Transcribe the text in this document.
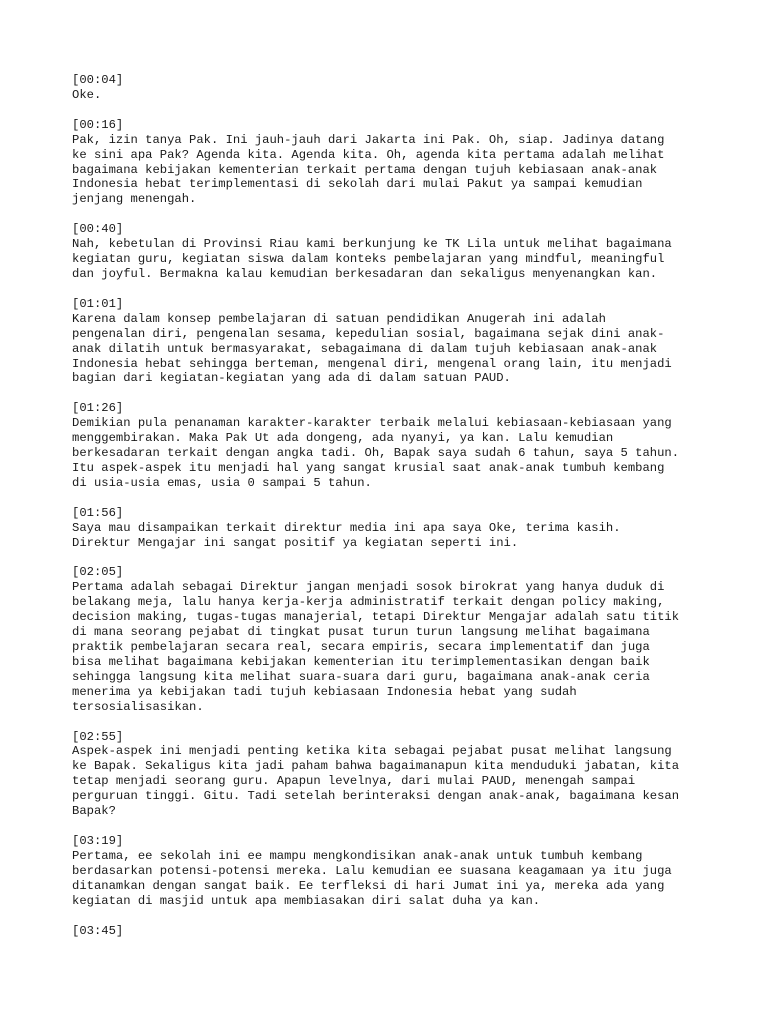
[00:04]
Oke.
[00:16]
Pak, izin tanya Pak. Ini jauh-jauh dari Jakarta ini Pak. Oh, siap. Jadinya datang
ke sini apa Pak? Agenda kita. Agenda kita. Oh, agenda kita pertama adalah melihat
bagaimana kebijakan kementerian terkait pertama dengan tujuh kebiasaan anak-anak
Indonesia hebat terimplementasi di sekolah dari mulai Pakut ya sampai kemudian
jenjang menengah.
[00:40]
Nah, kebetulan di Provinsi Riau kami berkunjung ke TK Lila untuk melihat bagaimana
kegiatan guru, kegiatan siswa dalam konteks pembelajaran yang mindful, meaningful
dan joyful. Bermakna kalau kemudian berkesadaran dan sekaligus menyenangkan kan.
[01:01]
Karena dalam konsep pembelajaran di satuan pendidikan Anugerah ini adalah
pengenalan diri, pengenalan sesama, kepedulian sosial, bagaimana sejak dini anak-
anak dilatih untuk bermasyarakat, sebagaimana di dalam tujuh kebiasaan anak-anak
Indonesia hebat sehingga berteman, mengenal diri, mengenal orang lain, itu menjadi
bagian dari kegiatan-kegiatan yang ada di dalam satuan PAUD.
[01:26]
Demikian pula penanaman karakter-karakter terbaik melalui kebiasaan-kebiasaan yang
menggembirakan. Maka Pak Ut ada dongeng, ada nyanyi, ya kan. Lalu kemudian
berkesadaran terkait dengan angka tadi. Oh, Bapak saya sudah 6 tahun, saya 5 tahun.
Itu aspek-aspek itu menjadi hal yang sangat krusial saat anak-anak tumbuh kembang
di usia-usia emas, usia 0 sampai 5 tahun.
[01:56]
Saya mau disampaikan terkait direktur media ini apa saya Oke, terima kasih.
Direktur Mengajar ini sangat positif ya kegiatan seperti ini.
[02:05]
Pertama adalah sebagai Direktur jangan menjadi sosok birokrat yang hanya duduk di
belakang meja, lalu hanya kerja-kerja administratif terkait dengan policy making,
decision making, tugas-tugas manajerial, tetapi Direktur Mengajar adalah satu titik
di mana seorang pejabat di tingkat pusat turun turun langsung melihat bagaimana
praktik pembelajaran secara real, secara empiris, secara implementatif dan juga
bisa melihat bagaimana kebijakan kementerian itu terimplementasikan dengan baik
sehingga langsung kita melihat suara-suara dari guru, bagaimana anak-anak ceria
menerima ya kebijakan tadi tujuh kebiasaan Indonesia hebat yang sudah
tersosialisasikan.
[02:55]
Aspek-aspek ini menjadi penting ketika kita sebagai pejabat pusat melihat langsung
ke Bapak. Sekaligus kita jadi paham bahwa bagaimanapun kita menduduki jabatan, kita
tetap menjadi seorang guru. Apapun levelnya, dari mulai PAUD, menengah sampai
perguruan tinggi. Gitu. Tadi setelah berinteraksi dengan anak-anak, bagaimana kesan
Bapak?
[03:19]
Pertama, ee sekolah ini ee mampu mengkondisikan anak-anak untuk tumbuh kembang
berdasarkan potensi-potensi mereka. Lalu kemudian ee suasana keagamaan ya itu juga
ditanamkan dengan sangat baik. Ee terfleksi di hari Jumat ini ya, mereka ada yang
kegiatan di masjid untuk apa membiasakan diri salat duha ya kan.
[03:45]
